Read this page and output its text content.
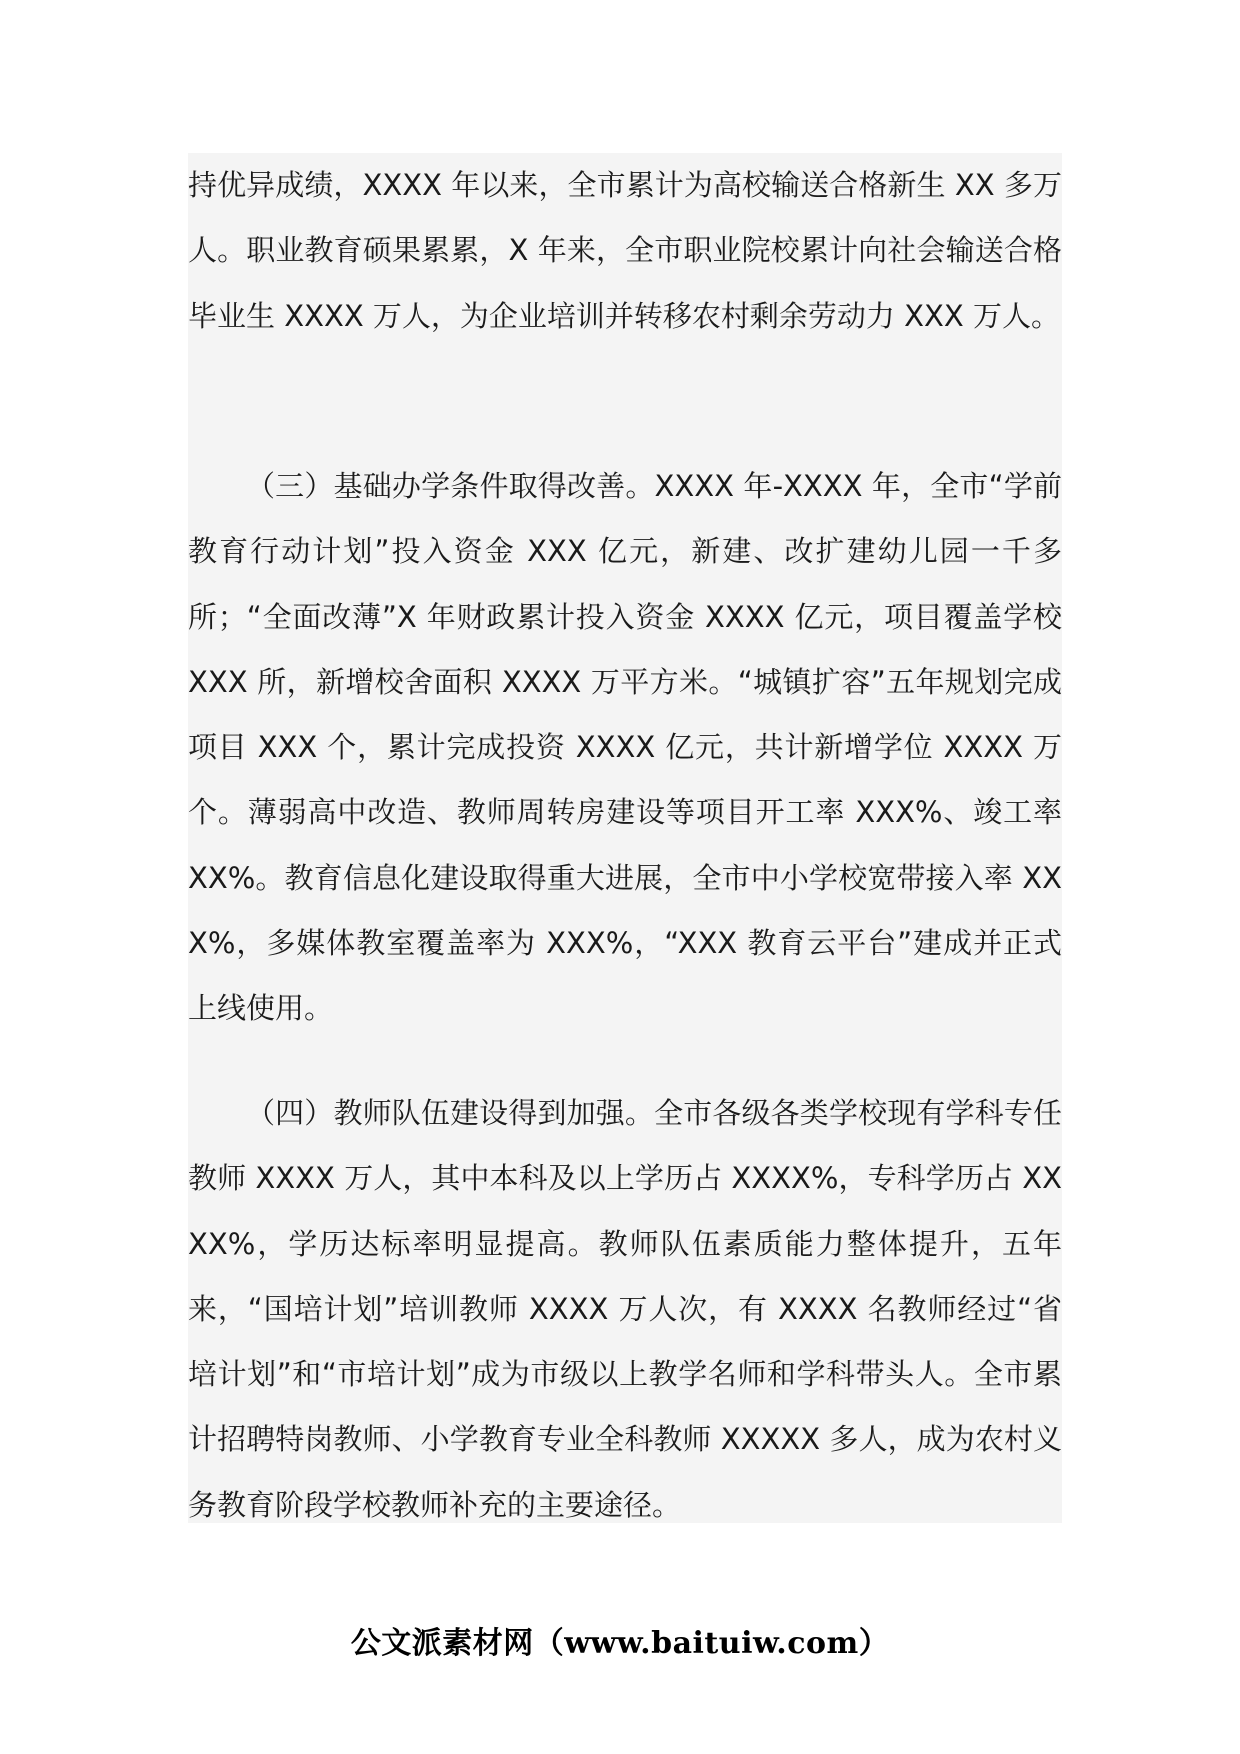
持优异成绩，XXXX 年以来，全市累计为高校输送合格新生 XX 多万人。职业教育硕果累累，X 年来，全市职业院校累计向社会输送合格毕业生 XXXX 万人，为企业培训并转移农村剩余劳动力 XXX 万人。

（三）基础办学条件取得改善。XXXX 年-XXXX 年，全市“学前教育行动计划”投入资金 XXX 亿元，新建、改扩建幼儿园一千多所；“全面改薄”X 年财政累计投入资金 XXXX 亿元，项目覆盖学校 XXX 所，新增校舍面积 XXXX 万平方米。“城镇扩容”五年规划完成项目 XXX 个，累计完成投资 XXXX 亿元，共计新增学位 XXXX 万个。薄弱高中改造、教师周转房建设等项目开工率 XXX%、竣工率 XX%。教育信息化建设取得重大进展，全市中小学校宽带接入率 XXX%，多媒体教室覆盖率为 XXX%，“XXX 教育云平台”建成并正式上线使用。

（四）教师队伍建设得到加强。全市各级各类学校现有学科专任教师 XXXX 万人，其中本科及以上学历占 XXXX%，专科学历占 XXXX%，学历达标率明显提高。教师队伍素质能力整体提升，五年来，“国培计划”培训教师 XXXX 万人次，有 XXXX 名教师经过“省培计划”和“市培计划”成为市级以上教学名师和学科带头人。全市累计招聘特岗教师、小学教育专业全科教师 XXXXX 多人，成为农村义务教育阶段学校教师补充的主要途径。

公文派素材网（www.baituiw.com）
